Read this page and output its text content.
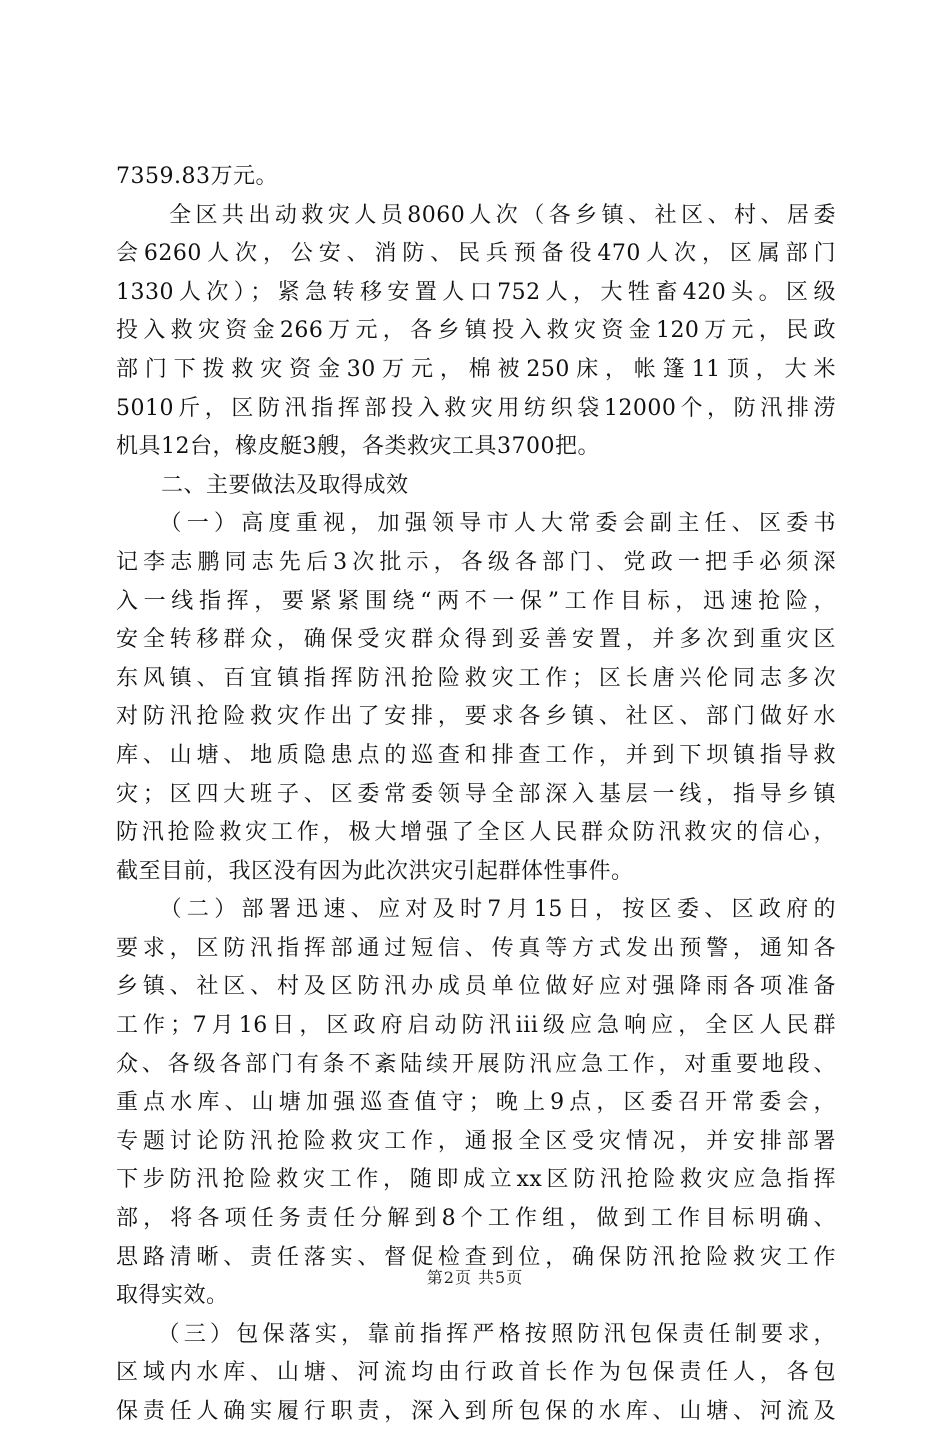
7359.83万元。
　　全区共出动救灾人员8060人次（各乡镇、社区、村、居委
会6260人次，公安、消防、民兵预备役470人次，区属部门
1330人次）；紧急转移安置人口752人，大牲畜420头。区级
投入救灾资金266万元，各乡镇投入救灾资金120万元，民政
部门下拨救灾资金30万元，棉被250床，帐篷11顶，大米
5010斤，区防汛指挥部投入救灾用纺织袋12000个，防汛排涝
机具12台，橡皮艇3艘，各类救灾工具3700把。
　　二、主要做法及取得成效
　　（一）高度重视，加强领导市人大常委会副主任、区委书
记李志鹏同志先后3次批示，各级各部门、党政一把手必须深
入一线指挥，要紧紧围绕“两不一保”工作目标，迅速抢险，
安全转移群众，确保受灾群众得到妥善安置，并多次到重灾区
东风镇、百宜镇指挥防汛抢险救灾工作；区长唐兴伦同志多次
对防汛抢险救灾作出了安排，要求各乡镇、社区、部门做好水
库、山塘、地质隐患点的巡查和排查工作，并到下坝镇指导救
灾；区四大班子、区委常委领导全部深入基层一线，指导乡镇
防汛抢险救灾工作，极大增强了全区人民群众防汛救灾的信心，
截至目前，我区没有因为此次洪灾引起群体性事件。
　　（二）部署迅速、应对及时7月15日，按区委、区政府的
要求，区防汛指挥部通过短信、传真等方式发出预警，通知各
乡镇、社区、村及区防汛办成员单位做好应对强降雨各项准备
工作；7月16日，区政府启动防汛iii级应急响应，全区人民群
众、各级各部门有条不紊陆续开展防汛应急工作，对重要地段、
重点水库、山塘加强巡查值守；晚上9点，区委召开常委会，
专题讨论防汛抢险救灾工作，通报全区受灾情况，并安排部署
下步防汛抢险救灾工作，随即成立xx区防汛抢险救灾应急指挥
部，将各项任务责任分解到8个工作组，做到工作目标明确、
思路清晰、责任落实、督促检查到位，确保防汛抢险救灾工作
取得实效。
　　（三）包保落实，靠前指挥严格按照防汛包保责任制要求，
区域内水库、山塘、河流均由行政首长作为包保责任人，各包
保责任人确实履行职责，深入到所包保的水库、山塘、河流及
第2页 共5页
